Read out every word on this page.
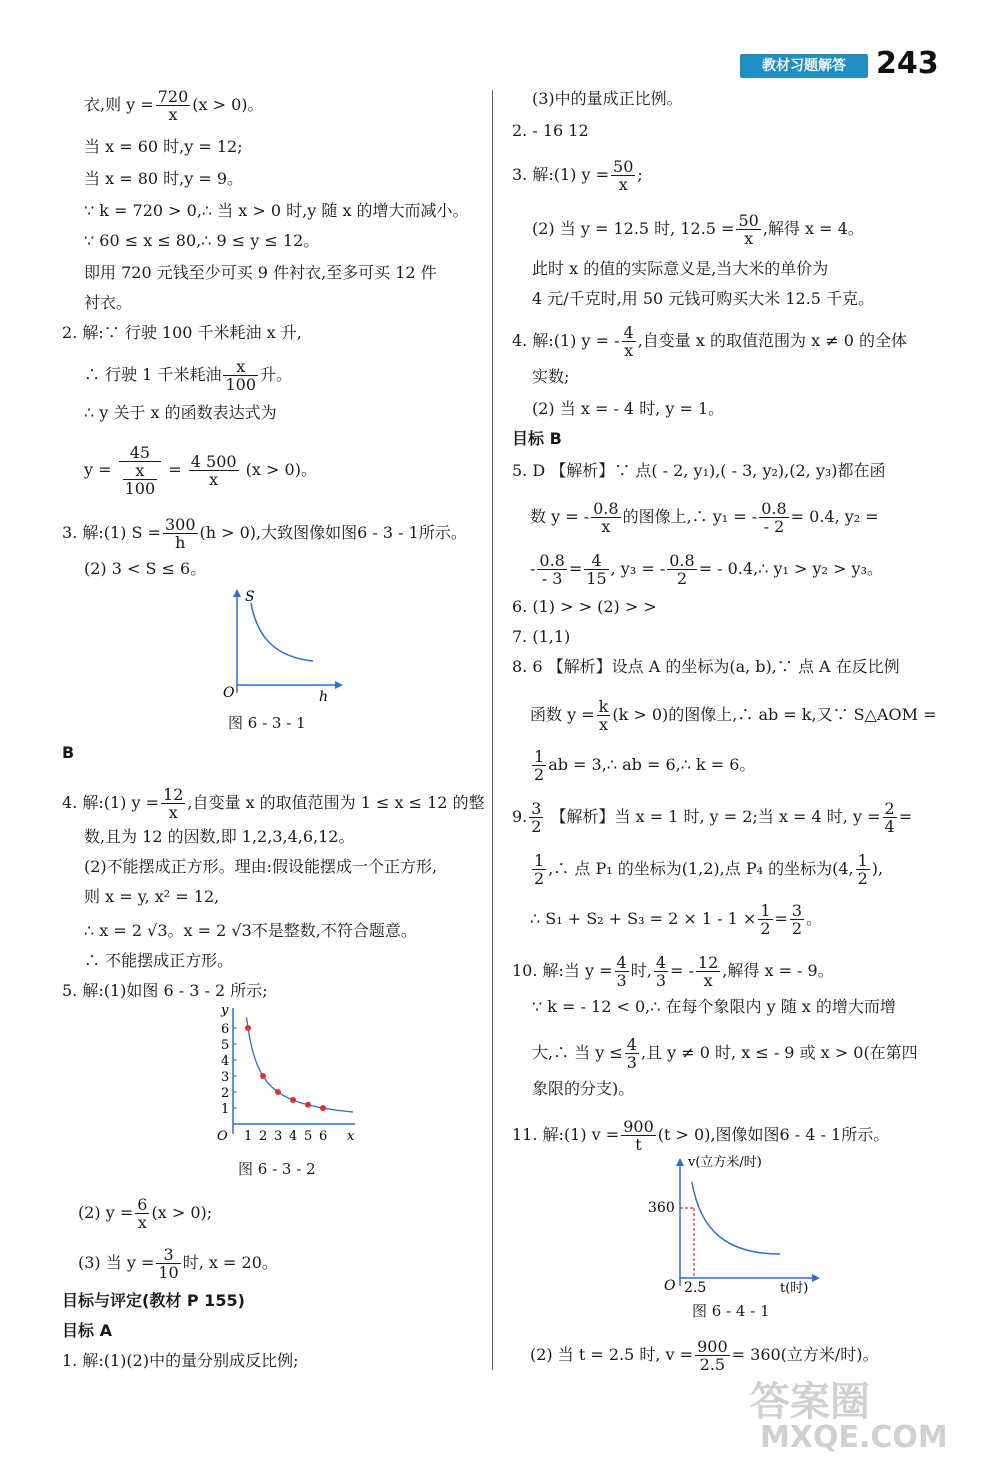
教材习题解答	243
衣,则 $y = \frac{720}{x} (x > 0)$。
当 x = 60 时,y = 12;
当 x = 80 时,y = 9。
∵ k = 720 > 0,∴ 当 x > 0 时,y 随 x 的增大而减小。
∵ 60 ≤ x ≤ 80,∴ 9 ≤ y ≤ 12。
即用 720 元钱至少可买 9 件衬衣,至多可买 12 件
衬衣。
2. 解:∵ 行驶 100 千米耗油 x 升,
∴ 行驶 1 千米耗油 $\frac{x}{100}$ 升。
∴ y 关于 x 的函数表达式为
$y = \frac{45}{\frac{x}{100}} = \frac{4 500}{x} (x > 0)$。
3. 解:(1) $S = \frac{300}{h} (h > 0)$,大致图像如图6 - 3 - 1所示。
(2) 3 < S ≤ 6。
S
O	h
图 6 - 3 - 1
B
4. 解:(1) $y = \frac{12}{x}$ ,自变量 x 的取值范围为 1 ≤ x ≤ 12 的整
数,且为 12 的因数,即 1,2,3,4,6,12。
(2)不能摆成正方形。理由:假设能摆成一个正方形,
则 x = y, x² = 12,
∴ x = 2 √3。x = 2 √3不是整数,不符合题意。
∴ 不能摆成正方形。
5. 解:(1)如图 6 - 3 - 2 所示;
6
5
4
3
2
1
1 2 3 4 5 6
y
x
O
图 6 - 3 - 2
(2) $y = \frac{6}{x} (x > 0)$;
(3) 当 $y = \frac{3}{10}$ 时, x = 20。
目标与评定(教材 P 155)
目标 A
1. 解:(1)(2)中的量分别成反比例;
(3)中的量成正比例。
2. - 16 12
3. 解:(1) $y = \frac{50}{x}$ ;
(2) 当 y = 12.5 时, $12.5 = \frac{50}{x}$ ,解得 x = 4。
此时 x 的值的实际意义是,当大米的单价为
4 元/千克时,用 50 元钱可购买大米 12.5 千克。
4. 解:(1) y = - $\frac{4}{x}$ ,自变量 x 的取值范围为 x ≠ 0 的全体
实数;
(2) 当 x = - 4 时, y = 1。
目标 B
5. D 【解析】∵ 点( - 2, y₁),( - 3, y₂),(2, y₃)都在函
数 y = - $\frac{0.8}{x}$ 的图像上,∴ y₁ = - $\frac{0.8}{- 2} = 0.4$, y₂ =
- $\frac{0.8}{- 3} = \frac{4}{15}$ , y₃ = - $\frac{0.8}{2}$ = - 0.4,∴ y₁ > y₂ > y₃。
6. (1) > > (2) > >
7. (1,1)
8. 6 【解析】设点 A 的坐标为(a, b),∵ 点 A 在反比例
函数 $y = \frac{k}{x} (k > 0)$的图像上,∴ ab = k,又∵ S△AOM =
$\frac{1}{2}$ ab = 3,∴ ab = 6,∴ k = 6。
9. $\frac{3}{2}$ 【解析】当 x = 1 时, y = 2;当 x = 4 时, $y = \frac{2}{4}$ =
$\frac{1}{2}$ ,∴ 点 P₁ 的坐标为(1,2),点 P₄ 的坐标为(4, $\frac{1}{2}$ ),
∴ $S_1 + S_2 + S_3 = 2 \times 1 - 1 \times \frac{1}{2} = \frac{3}{2}$ 。
10. 解:当 $y = \frac{4}{3}$ 时, $\frac{4}{3}$ = - $\frac{12}{x}$ ,解得 x = - 9。
∵ k = - 12 < 0,∴ 在每个象限内 y 随 x 的增大而增
大,∴ 当 $y \le \frac{4}{3}$ ,且 y ≠ 0 时, x ≤ - 9 或 x > 0(在第四
象限的分支)。
11. 解:(1) $v = \frac{900}{t} (t > 0)$,图像如图6 - 4 - 1所示。
v(立方米/时)
360
O 2.5	t(时)
图 6 - 4 - 1
(2) 当 t = 2.5 时, $v = \frac{900}{2.5} = 360$(立方米/时)。
答案圈
MXQE.COM
